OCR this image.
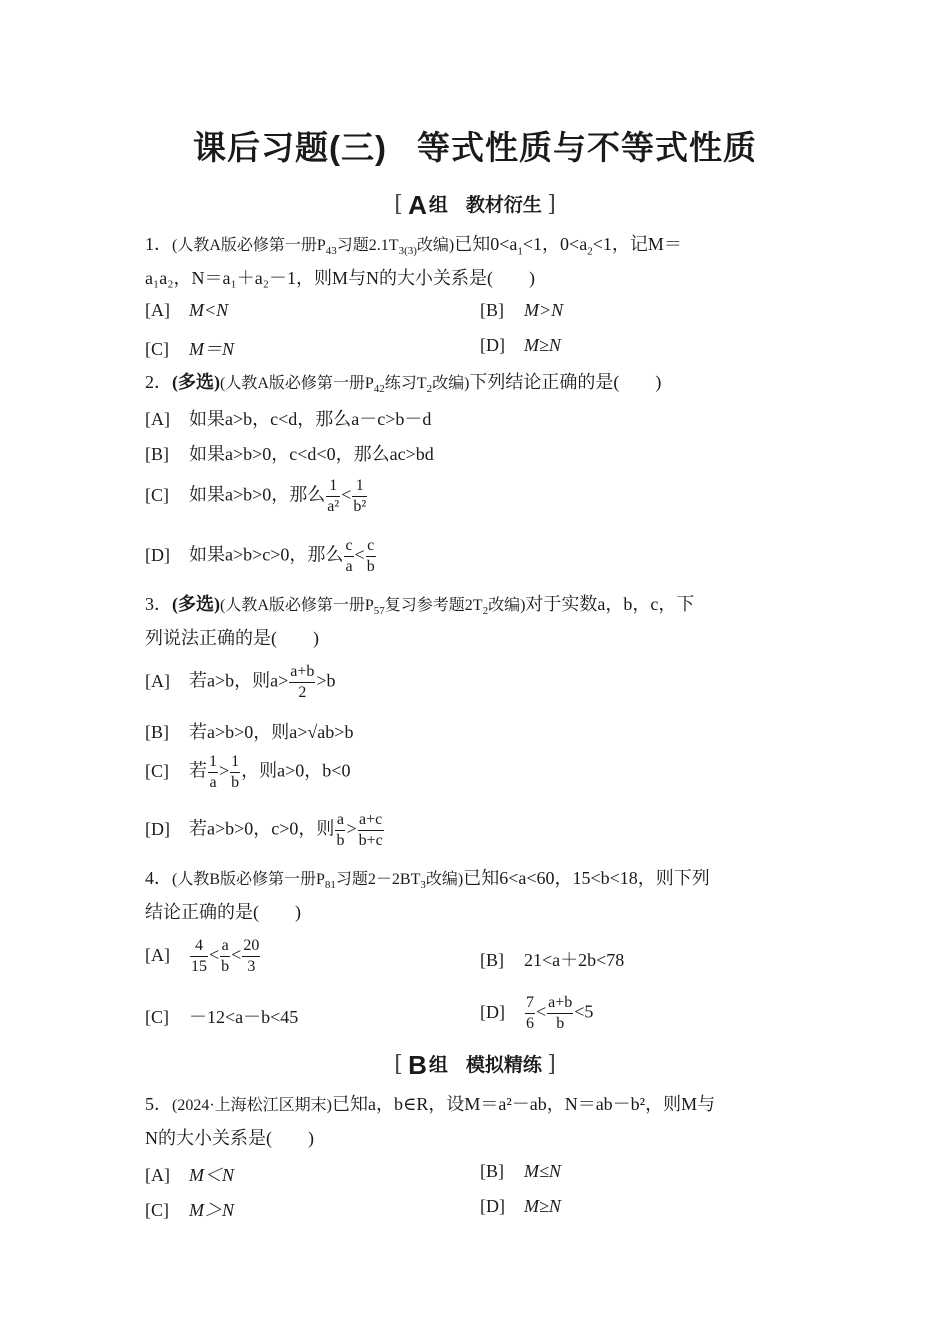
课后习题(三) 等式性质与不等式性质
[ A 组 教材衍生 ]
1．(人教A版必修第一册$P_{43}$习题$2.1T_{3(3)}$改编)已知$0<a_1<1$，$0<a_2<1$，记M＝
a₁a₂，N＝a₁＋a₂－1，则M与N的大小关系是(　　)
[A] M<N	[B] M>N
[C] M＝N	[D] M≥N
2．(多选)(人教A版必修第一册$P_{42}$练习$T_2$改编)下列结论正确的是(　　)
[A] 如果a>b，c<d，那么a－c>b－d
[B] 如果a>b>0，c<d<0，那么ac>bd
[C] 如果a>b>0，那么 $\frac{1}{\text{a²}} < \frac{1}{\text{b²}}$
[D] 如果a>b>c>0，那么 $\frac{c}{a} < \frac{c}{b}$
3．(多选)(人教A版必修第一册$P_{57}$复习参考题$2T_2$改编)对于实数a，b，c，下
列说法正确的是(　　)
[A] 若a>b，则$a> \frac{a+b}{2} >b$
[B] 若a>b>0，则a>√ab>b
[C] 若 $\frac{1}{a} > \frac{1}{b}$ ，则a>0，b<0
[D] 若a>b>0，c>0，则 $\frac{a}{b} > \frac{a+c}{b+c}$
4．(人教B版必修第一册$P_{81}$习题$2-2BT_3$改编)已知6<a<60，15<b<18，则下列
结论正确的是(　　)
$[A] \frac{4}{15} < \frac{a}{b} < \frac{20}{3}$	[B] 21<a＋2b<78
[C] －12<a－b<45	$[D] \frac{7}{6} < \frac{a+b}{b} <5$
[ B 组 模拟精练 ]
5．(2024·上海松江区期末)已知a，b∈R，设M＝a²－ab，N＝ab－b²，则M与
N的大小关系是(　　)
[A] M＜N	[B] M≤N
[C] M＞N	[D] M≥N
